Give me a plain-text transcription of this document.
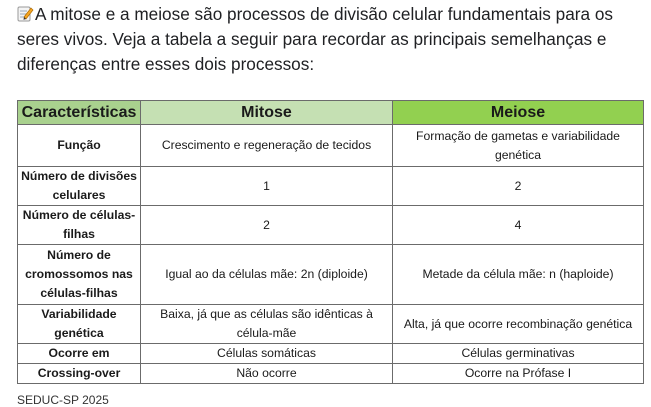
A mitose e a meiose são processos de divisão celular fundamentais para os seres vivos. Veja a tabela a seguir para recordar as principais semelhanças e diferenças entre esses dois processos:
Características	Mitose	Meiose
Função	Crescimento e regeneração de tecidos	Formação de gametas e variabilidade genética
Número de divisões celulares	1	2
Número de células-filhas	2	4
Número de cromossomos nas células-filhas	Igual ao da células mãe: 2n (diploide)	Metade da célula mãe: n (haploide)
Variabilidade genética	Baixa, já que as células são idênticas à célula-mãe	Alta, já que ocorre recombinação genética
Ocorre em	Células somáticas	Células germinativas
Crossing-over	Não ocorre	Ocorre na Prófase I
SEDUC-SP 2025
